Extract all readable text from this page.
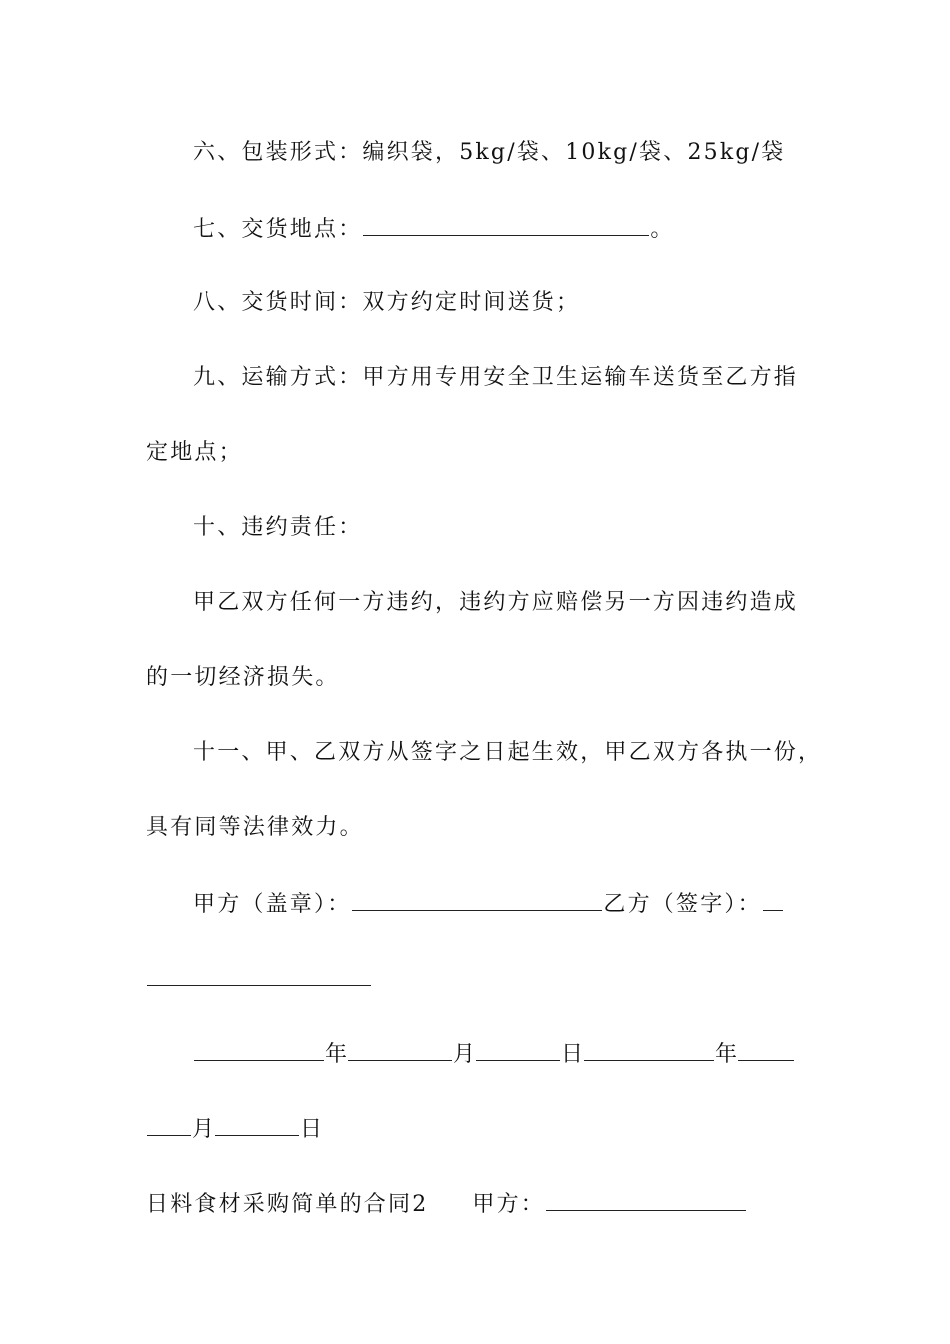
六、包装形式：编织袋，5kg/袋、10kg/袋、25kg/袋
七、交货地点：	。
八、交货时间：双方约定时间送货；
九、运输方式：甲方用专用安全卫生运输车送货至乙方指
定地点；
十、违约责任：
甲乙双方任何一方违约，违约方应赔偿另一方因违约造成
的一切经济损失。
十一、甲、乙双方从签字之日起生效，甲乙双方各执一份，
具有同等法律效力。
甲方（盖章）：	乙方（签字）：
年	月	日	年
月	日
日料食材采购简单的合同2 甲方：
